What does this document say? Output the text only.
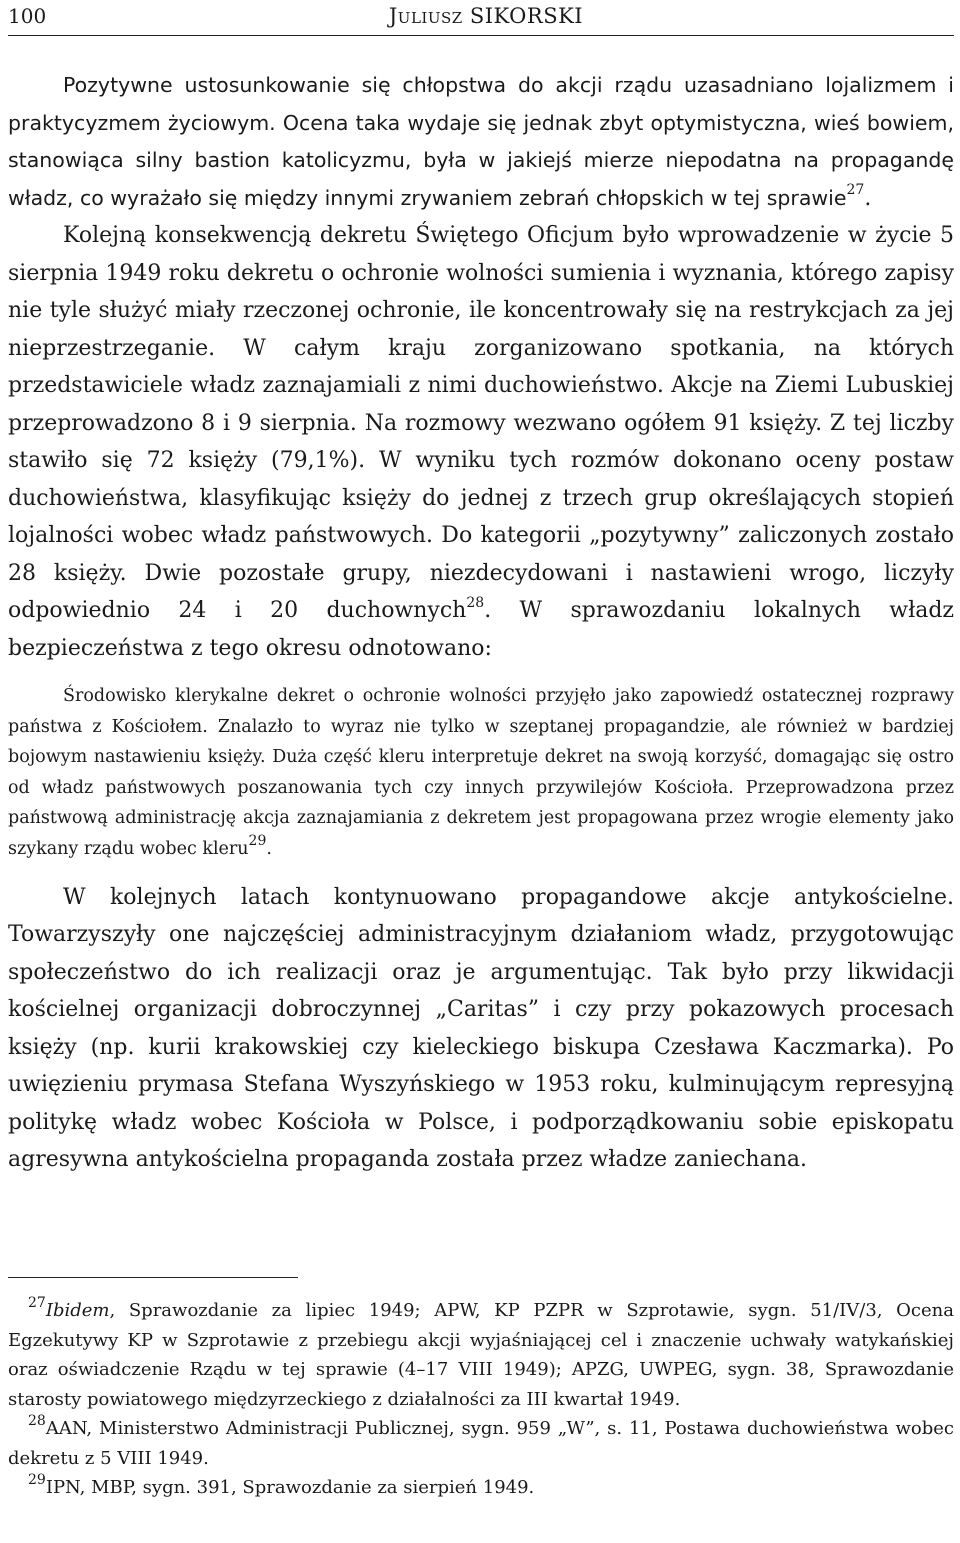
100	Juliusz SIKORSKI

Pozytywne ustosunkowanie się chłopstwa do akcji rządu uzasadniano lojalizmem i praktycyzmem życiowym. Ocena taka wydaje się jednak zbyt optymistyczna, wieś bowiem, stanowiąca silny bastion katolicyzmu, była w jakiejś mierze niepodatna na propagandę władz, co wyrażało się między innymi zrywaniem zebrań chłopskich w tej sprawie$^{27}$.

Kolejną konsekwencją dekretu Świętego Oficjum było wprowadzenie w życie 5 sierpnia 1949 roku dekretu o ochronie wolności sumienia i wyznania, którego zapisy nie tyle służyć miały rzeczonej ochronie, ile koncentrowały się na restrykcjach za jej nieprzestrzeganie. W całym kraju zorganizowano spotkania, na których przedstawiciele władz zaznajamiali z nimi duchowieństwo. Akcje na Ziemi Lubuskiej przeprowadzono 8 i 9 sierpnia. Na rozmowy wezwano ogółem 91 księży. Z tej liczby stawiło się 72 księży (79,1%). W wyniku tych rozmów dokonano oceny postaw duchowieństwa, klasyfikując księży do jednej z trzech grup określających stopień lojalności wobec władz państwowych. Do kategorii „pozytywny” zaliczonych zostało 28 księży. Dwie pozostałe grupy, niezdecydowani i nastawieni wrogo, liczyły odpowiednio 24 i 20 duchownych$^{28}$. W sprawozdaniu lokalnych władz bezpieczeństwa z tego okresu odnotowano:

Środowisko klerykalne dekret o ochronie wolności przyjęło jako zapowiedź ostatecznej rozprawy państwa z Kościołem. Znalazło to wyraz nie tylko w szeptanej propagandzie, ale również w bardziej bojowym nastawieniu księży. Duża część kleru interpretuje dekret na swoją korzyść, domagając się ostro od władz państwowych poszanowania tych czy innych przywilejów Kościoła. Przeprowadzona przez państwową administrację akcja zaznajamiania z dekretem jest propagowana przez wrogie elementy jako szykany rządu wobec kleru$^{29}$.

W kolejnych latach kontynuowano propagandowe akcje antykościelne. Towarzyszyły one najczęściej administracyjnym działaniom władz, przygotowując społeczeństwo do ich realizacji oraz je argumentując. Tak było przy likwidacji kościelnej organizacji dobroczynnej „Caritas” i czy przy pokazowych procesach księży (np. kurii krakowskiej czy kieleckiego biskupa Czesława Kaczmarka). Po uwięzieniu prymasa Stefana Wyszyńskiego w 1953 roku, kulminującym represyjną politykę władz wobec Kościoła w Polsce, i podporządkowaniu sobie episkopatu agresywna antykościelna propaganda została przez władze zaniechana.

$^{27}$Ibidem, Sprawozdanie za lipiec 1949; APW, KP PZPR w Szprotawie, sygn. 51/IV/3, Ocena Egzekutywy KP w Szprotawie z przebiegu akcji wyjaśniającej cel i znaczenie uchwały watykańskiej oraz oświadczenie Rządu w tej sprawie (4–17 VIII 1949); APZG, UWPEG, sygn. 38, Sprawozdanie starosty powiatowego międzyrzeckiego z działalności za III kwartał 1949.

$^{28}$AAN, Ministerstwo Administracji Publicznej, sygn. 959 „W”, s. 11, Postawa duchowieństwa wobec dekretu z 5 VIII 1949.

$^{29}$IPN, MBP, sygn. 391, Sprawozdanie za sierpień 1949.
